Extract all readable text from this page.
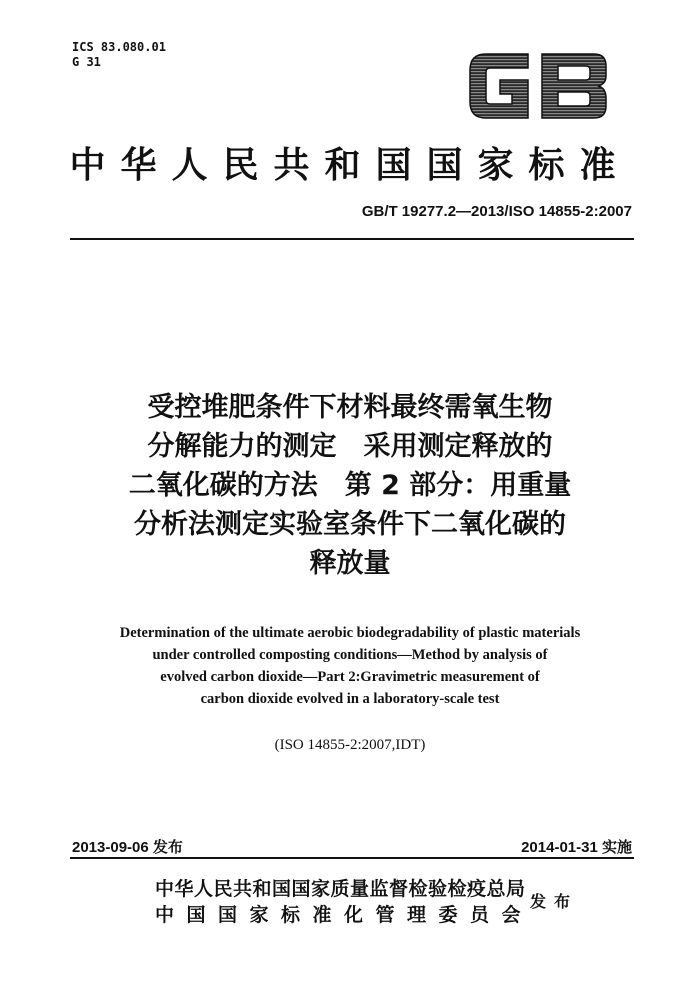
ICS 83.080.01
G 31
中华人民共和国国家标准
GB/T 19277.2—2013/ISO 14855-2:2007
受控堆肥条件下材料最终需氧生物
分解能力的测定　采用测定释放的
二氧化碳的方法　第 2 部分：用重量
分析法测定实验室条件下二氧化碳的
释放量
Determination of the ultimate aerobic biodegradability of plastic materials
under controlled composting conditions—Method by analysis of
evolved carbon dioxide—Part 2:Gravimetric measurement of
carbon dioxide evolved in a laboratory-scale test
(ISO 14855-2:2007,IDT)
2013-09-06 发布	2014-01-31 实施
中华人民共和国国家质量监督检验检疫总局
中国国家标准化管理委员会
发布
